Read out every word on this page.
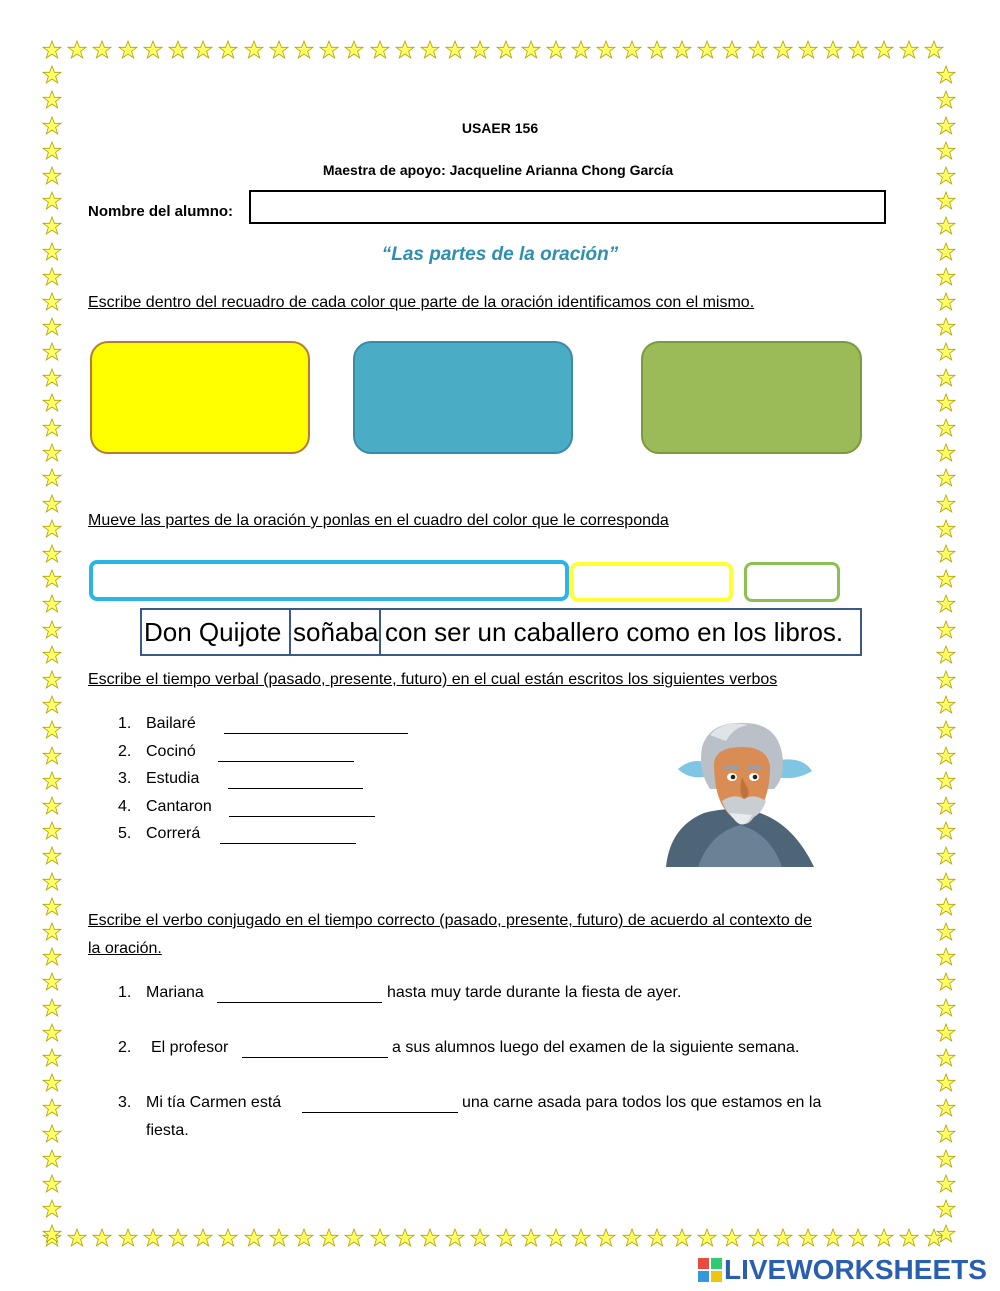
USAER 156
Maestra de apoyo: Jacqueline Arianna Chong García
Nombre del alumno:
“Las partes de la oración”
Escribe dentro del recuadro de cada color que parte de la oración identificamos con el mismo.
Mueve las partes de la oración y ponlas en el cuadro del color que le corresponda
Don Quijote soñaba con ser un caballero como en los libros.
Escribe el tiempo verbal (pasado, presente, futuro) en el cual están escritos los siguientes verbos
1. Bailaré
2. Cocinó
3. Estudia
4. Cantaron
5. Correrá
Escribe el verbo conjugado en el tiempo correcto (pasado, presente, futuro) de acuerdo al contexto de
la oración.
1. Mariana	hasta muy tarde durante la fiesta de ayer.
2. El profesor	a sus alumnos luego del examen de la siguiente semana.
3. Mi tía Carmen está	una carne asada para todos los que estamos en la
fiesta.
LIVEWORKSHEETS
